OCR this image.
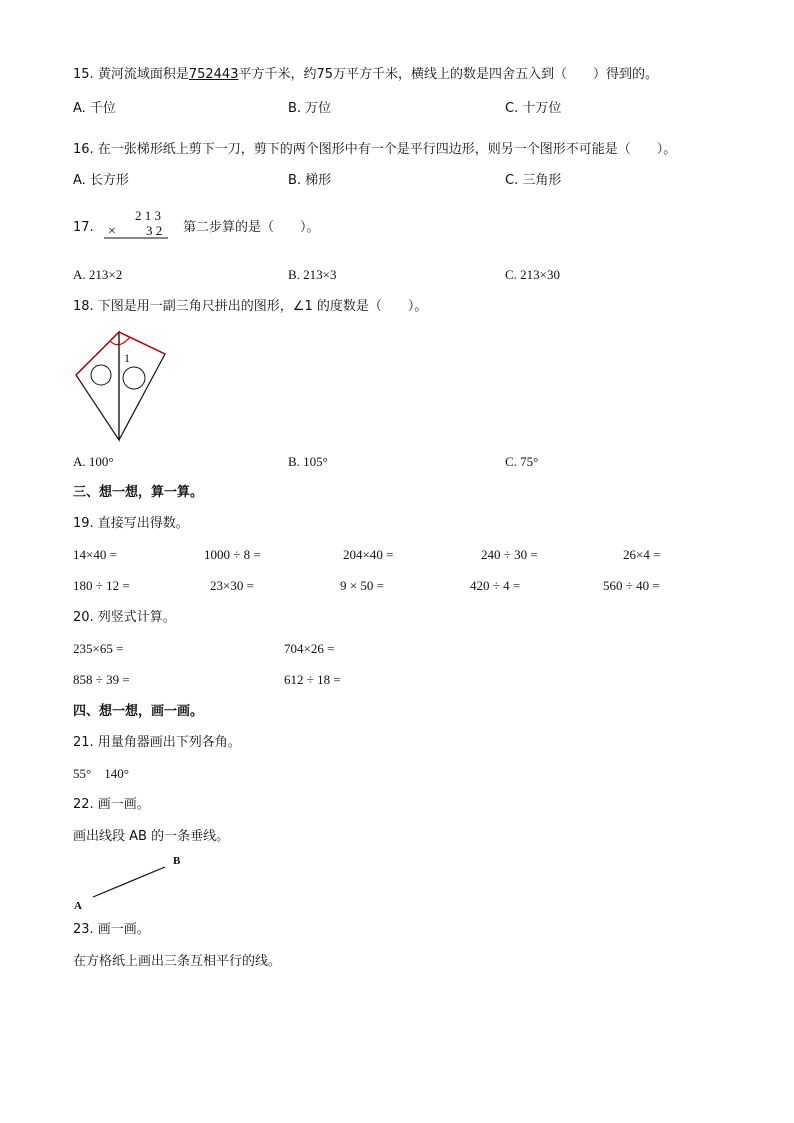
15. 黄河流域面积是752443平方千米，约75万平方千米，横线上的数是四舍五入到（　　）得到的。
A. 千位	B. 万位	C. 十万位
16. 在一张梯形纸上剪下一刀，剪下的两个图形中有一个是平行四边形，则另一个图形不可能是（　　）。
A. 长方形	B. 梯形	C. 三角形
17.
2 1 3
× 3 2 第二步算的是（　　）。
A. 213×2	B. 213×3	C. 213×30
18. 下图是用一副三角尺拼出的图形，∠1 的度数是（　　）。
1
A. 100°	B. 105°	C. 75°
三、想一想，算一算。
19. 直接写出得数。
14×40 =	1000 ÷ 8 =	204×40 =	240 ÷ 30 =	26×4 =
180 ÷ 12 =	23×30 =	9 × 50 =	420 ÷ 4 =	560 ÷ 40 =
20. 列竖式计算。
235×65 =	704×26 =
858 ÷ 39 =	612 ÷ 18 =
四、想一想，画一画。
21. 用量角器画出下列各角。
55°　140°
22. 画一画。
画出线段 AB 的一条垂线。
B
A
23. 画一画。
在方格纸上画出三条互相平行的线。
